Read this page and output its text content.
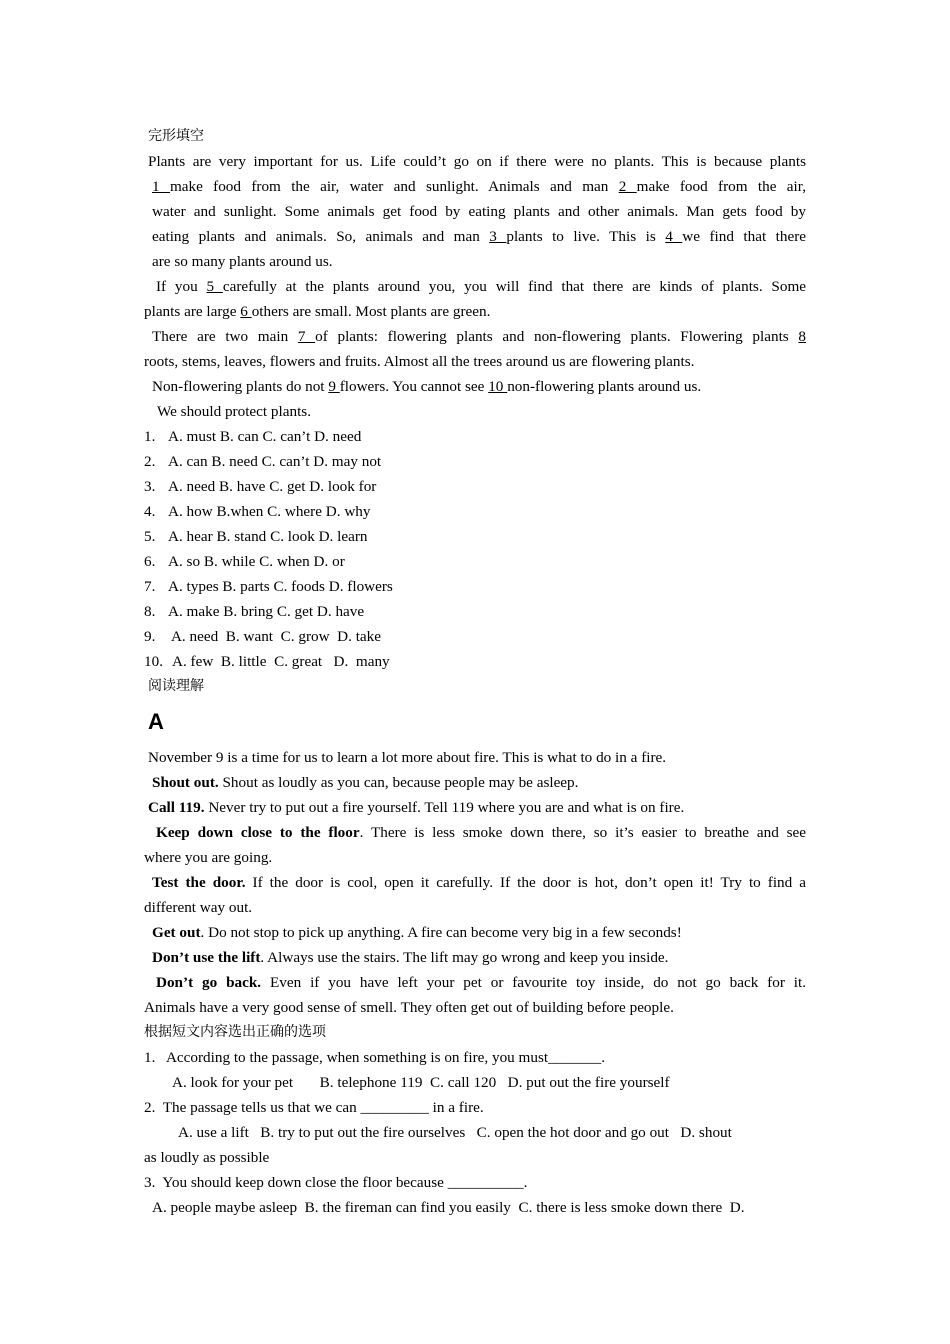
完形填空
Plants are very important for us. Life could’t go on if there were no plants. This is because plants
1 make food from the air, water and sunlight. Animals and man 2 make food from the air,
water and sunlight. Some animals get food by eating plants and other animals. Man gets food by
eating plants and animals. So, animals and man 3 plants to live. This is 4 we find that there
are so many plants around us.
If you 5 carefully at the plants around you, you will find that there are kinds of plants. Some
plants are large 6 others are small. Most plants are green.
There are two main 7 of plants: flowering plants and non-flowering plants. Flowering plants 8
roots, stems, leaves, flowers and fruits. Almost all the trees around us are flowering plants.
Non-flowering plants do not 9 flowers. You cannot see 10 non-flowering plants around us.
We should protect plants.
1. A. must B. can C. can’t D. need
2. A. can B. need C. can’t D. may not
3. A. need B. have C. get D. look for
4. A. how B.when C. where D. why
5. A. hear B. stand C. look D. learn
6. A. so B. while C. when D. or
7. A. types B. parts C. foods D. flowers
8. A. make B. bring C. get D. have
9. A. need  B. want  C. grow  D. take
10. A. few  B. little  C. great   D.  many
阅读理解
A
November 9 is a time for us to learn a lot more about fire. This is what to do in a fire.
Shout out. Shout as loudly as you can, because people may be asleep.
Call 119. Never try to put out a fire yourself. Tell 119 where you are and what is on fire.
Keep down close to the floor. There is less smoke down there, so it’s easier to breathe and see
where you are going.
Test the door. If the door is cool, open it carefully. If the door is hot, don’t open it! Try to find a
different way out.
Get out. Do not stop to pick up anything. A fire can become very big in a few seconds!
Don’t use the lift. Always use the stairs. The lift may go wrong and keep you inside.
Don’t go back. Even if you have left your pet or favourite toy inside, do not go back for it.
Animals have a very good sense of smell. They often get out of building before people.
根据短文内容选出正确的选项
1.   According to the passage, when something is on fire, you must_______.
A. look for your pet       B. telephone 119  C. call 120   D. put out the fire yourself
2.  The passage tells us that we can _________ in a fire.
A. use a lift   B. try to put out the fire ourselves   C. open the hot door and go out   D. shout
as loudly as possible
3.  You should keep down close the floor because __________.
A. people maybe asleep  B. the fireman can find you easily  C. there is less smoke down there  D.
